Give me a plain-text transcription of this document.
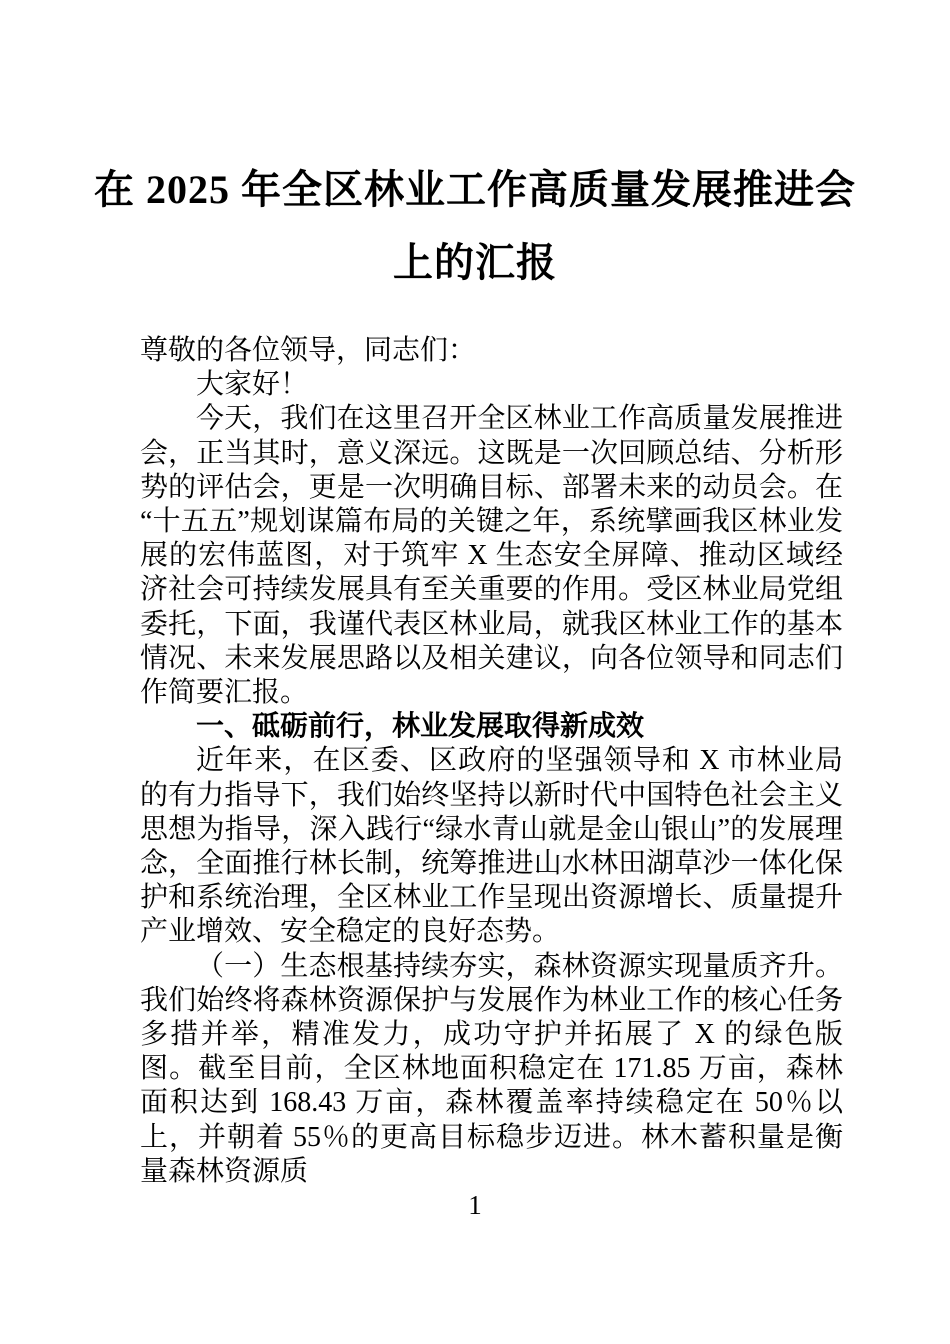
在 2025 年全区林业工作高质量发展推进会
上的汇报

尊敬的各位领导，同志们：

大家好！

今天，我们在这里召开全区林业工作高质量发展推进会，正当其时，意义深远。这既是一次回顾总结、分析形势的评估会，更是一次明确目标、部署未来的动员会。在“十五五”规划谋篇布局的关键之年，系统擘画我区林业发展的宏伟蓝图，对于筑牢 X 生态安全屏障、推动区域经济社会可持续发展具有至关重要的作用。受区林业局党组委托，下面，我谨代表区林业局，就我区林业工作的基本情况、未来发展思路以及相关建议，向各位领导和同志们作简要汇报。

一、砥砺前行，林业发展取得新成效

近年来，在区委、区政府的坚强领导和 X 市林业局的有力指导下，我们始终坚持以新时代中国特色社会主义思想为指导，深入践行“绿水青山就是金山银山”的发展理念，全面推行林长制，统筹推进山水林田湖草沙一体化保护和系统治理，全区林业工作呈现出资源增长、质量提升产业增效、安全稳定的良好态势。

（一）生态根基持续夯实，森林资源实现量质齐升。我们始终将森林资源保护与发展作为林业工作的核心任务多措并举，精准发力，成功守护并拓展了 X 的绿色版图。截至目前，全区林地面积稳定在 171.85 万亩，森林面积达到 168.43 万亩，森林覆盖率持续稳定在 50％以上，并朝着 55％的更高目标稳步迈进。林木蓄积量是衡量森林资源质

1
